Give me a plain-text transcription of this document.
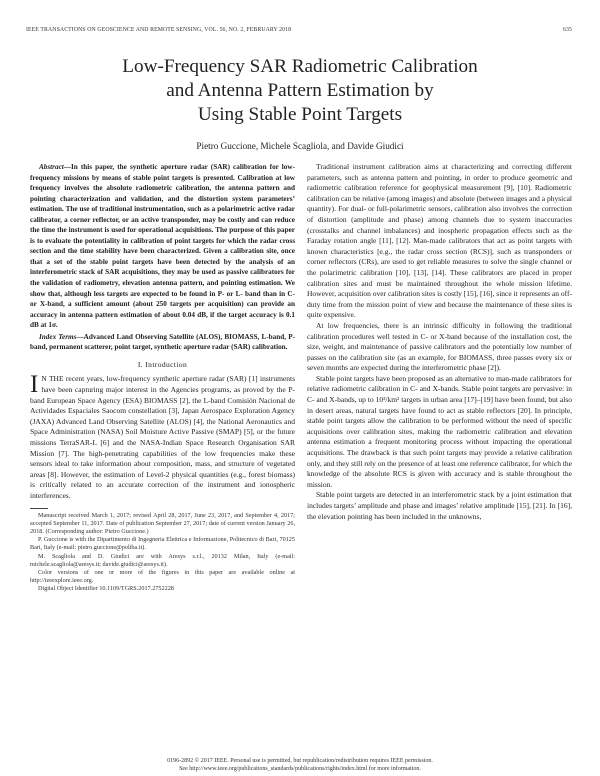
IEEE TRANSACTIONS ON GEOSCIENCE AND REMOTE SENSING, VOL. 56, NO. 2, FEBRUARY 2018	635
Low-Frequency SAR Radiometric Calibration
and Antenna Pattern Estimation by
Using Stable Point Targets
Pietro Guccione, Michele Scagliola, and Davide Giudici

Abstract—In this paper, the synthetic aperture radar (SAR) calibration for low-frequency missions by means of stable point targets is presented. Calibration at low frequency involves the absolute radiometric calibration, the antenna pattern and pointing characterization and validation, and the distortion system parameters’ estimation. The use of traditional instrumentation, such as a polarimetric active radar calibrator, a corner reflector, or an active transponder, may be costly and can reduce the time the instrument is used for operational acquisitions. The purpose of this paper is to evaluate the potentiality in calibration of point targets for which the radar cross section and the time stability have been characterized. Given a calibration site, once that a set of the stable point targets have been detected by the analysis of an interferometric stack of SAR acquisitions, they may be used as passive calibrators for the validation of radiometry, elevation antenna pattern, and pointing estimation. We show that, although less targets are expected to be found in P- or L- band than in C- or X-band, a sufficient amount (about 250 targets per acquisition) can provide an accuracy in antenna pattern estimation of about 0.04 dB, if the target accuracy is 0.1 dB at 1σ.

Index Terms—Advanced Land Observing Satellite (ALOS), BIOMASS, L-band, P-band, permanent scatterer, point target, synthetic aperture radar (SAR) calibration.

I. Introduction

I N THE recent years, low-frequency synthetic aperture radar (SAR) [1] instruments have been capturing major interest in the Agencies programs, as proved by the P-band European Space Agency (ESA) BIOMASS [2], the L-band Comisión Nacional de Actividades Espaciales Saocom constellation [3], Japan Aerospace Exploration Agency (JAXA) Advanced Land Observing Satellite (ALOS) [4], the National Aeronautics and Space Administration (NASA) Soil Moisture Active Passive (SMAP) [5], or the future missions TerraSAR-L [6] and the NASA-Indian Space Research Organisation SAR Mission [7]. The high-penetrating capabilities of the low frequencies make these sensors ideal to take information about composition, mass, and structure of vegetated areas [8]. However, the estimation of Level-2 physical quantities (e.g., forest biomass) is critically related to an accurate correction of the instrument and ionospheric interferences.

Manuscript received March 1, 2017; revised April 28, 2017, June 23, 2017, and September 4, 2017; accepted September 11, 2017. Date of publication September 27, 2017; date of current version January 26, 2018. (Corresponding author: Pietro Guccione.)

P. Guccione is with the Dipartimento di Ingegneria Elettrica e Informazione, Politecnico di Bari, 70125 Bari, Italy (e-mail: pietro.guccione@poliba.it).

M. Scagliola and D. Giudici are with Aresys s.r.l., 20132 Milan, Italy (e-mail: michele.scagliola@aresys.it; davide.giudici@aresys.it).

Color versions of one or more of the figures in this paper are available online at http://ieeexplore.ieee.org.

Digital Object Identifier 10.1109/TGRS.2017.2752228

Traditional instrument calibration aims at characterizing and correcting different parameters, such as antenna pattern and pointing, in order to produce geometric and radiometric calibration reference for geophysical measurement [9], [10]. Radiometric calibration can be relative (among images) and absolute (between images and a physical quantity). For dual- or full-polarimetric sensors, calibration also involves the correction of distortion (amplitude and phase) among channels due to system inaccuracies (crosstalks and channel imbalances) and inospheric propagation effects such as the Faraday rotation angle [11], [12]. Man-made calibrators that act as point targets with known characteristics [e.g., the radar cross section (RCS)], such as transponders or corner reflectors (CRs), are used to get reliable measures to solve the single channel or the polarimetric calibration [10], [13], [14]. These calibrators are placed in proper calibration sites and must be maintained throughout the whole mission lifetime. However, acquisition over calibration sites is costly [15], [16], since it represents an off-duty time from the mission point of view and because the maintenance of these sites is quite expensive.

At low frequencies, there is an intrinsic difficulty in following the traditional calibration procedures well tested in C- or X-band because of the installation cost, the size, weight, and maintenance of passive calibrators and the potentially low number of passes on the calibration site (as an example, for BIOMASS, three passes every six or seven months are expected during the interferometric phase [2]).

Stable point targets have been proposed as an alternative to man-made calibrators for relative radiometric calibration in C- and X-bands. Stable point targets are pervasive: in C- and X-bands, up to 10³/km² targets in urban area [17]–[19] have been found, but also in desert areas, natural targets have found to act as stable reflectors [20]. In principle, stable point targets allow the calibration to be performed without the need of specific acquisitions over calibration sites, making the radiometric calibration and elevation antenna estimation a frequent monitoring process without impacting the operational acquisitions. The drawback is that such point targets may provide a relative calibration only, and they still rely on the presence of at least one reference calibrator, for which the knowledge of the absolute RCS is given with accuracy and is stable throughout the mission.

Stable point targets are detected in an interferometric stack by a joint estimation that includes targets’ amplitude and phase and images’ relative amplitude [15], [21]. In [16], the elevation pointing has been included in the unknowns,

0196-2892 © 2017 IEEE. Personal use is permitted, but republication/redistribution requires IEEE permission.
See http://www.ieee.org/publications_standards/publications/rights/index.html for more information.
